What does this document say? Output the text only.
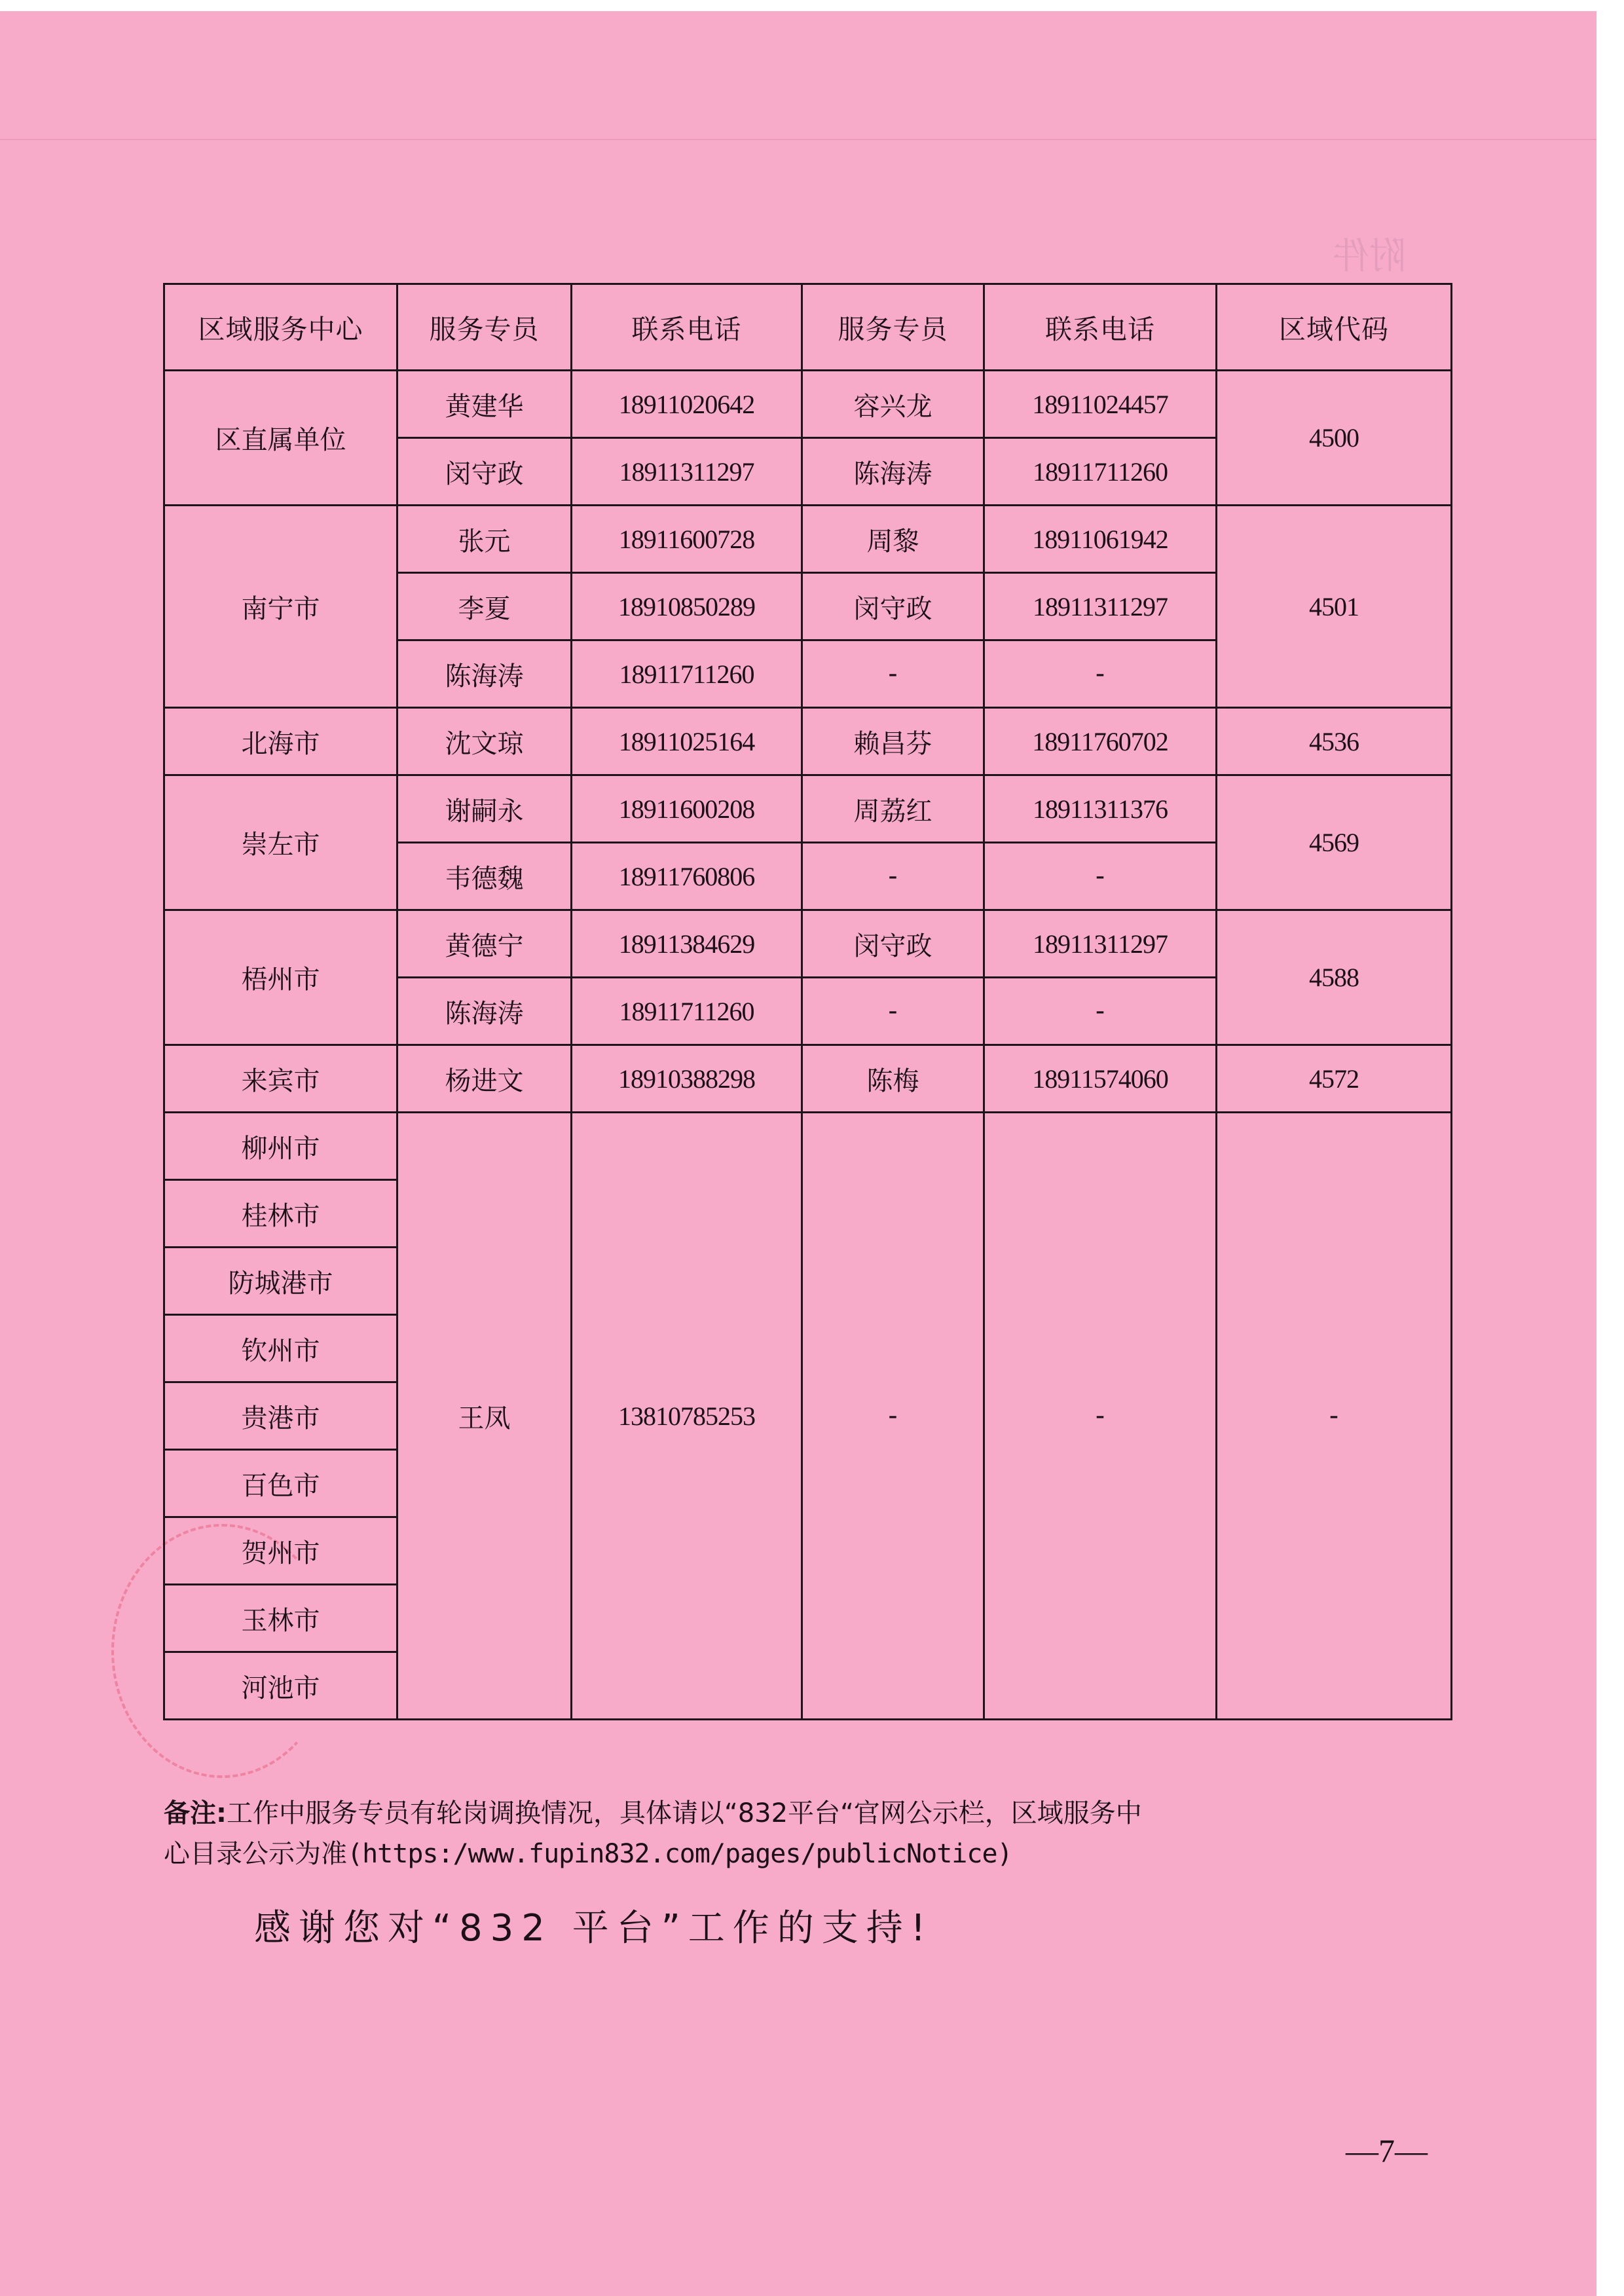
附件
区域服务中心	服务专员	联系电话	服务专员	联系电话	区域代码
区直属单位	黄建华	18911020642	容兴龙	18911024457	4500
	闵守政	18911311297	陈海涛	18911711260	
南宁市	张元	18911600728	周黎	18911061942	4501
	李夏	18910850289	闵守政	18911311297	
	陈海涛	18911711260	-	-	
北海市	沈文琼	18911025164	赖昌芬	18911760702	4536
崇左市	谢嗣永	18911600208	周荔红	18911311376	4569
	韦德魏	18911760806	-	-	
梧州市	黄德宁	18911384629	闵守政	18911311297	4588
	陈海涛	18911711260	-	-	
来宾市	杨进文	18910388298	陈梅	18911574060	4572
柳州市	王凤	13810785253	-	-	-
桂林市					
防城港市					
钦州市					
贵港市					
百色市					
贺州市					
玉林市					
河池市					
备注:工作中服务专员有轮岗调换情况，具体请以“832平台“官网公示栏，区域服务中
心目录公示为准(https:/www.fupin832.com/pages/publicNotice)
感谢您对“832 平台”工作的支持!
—7—
